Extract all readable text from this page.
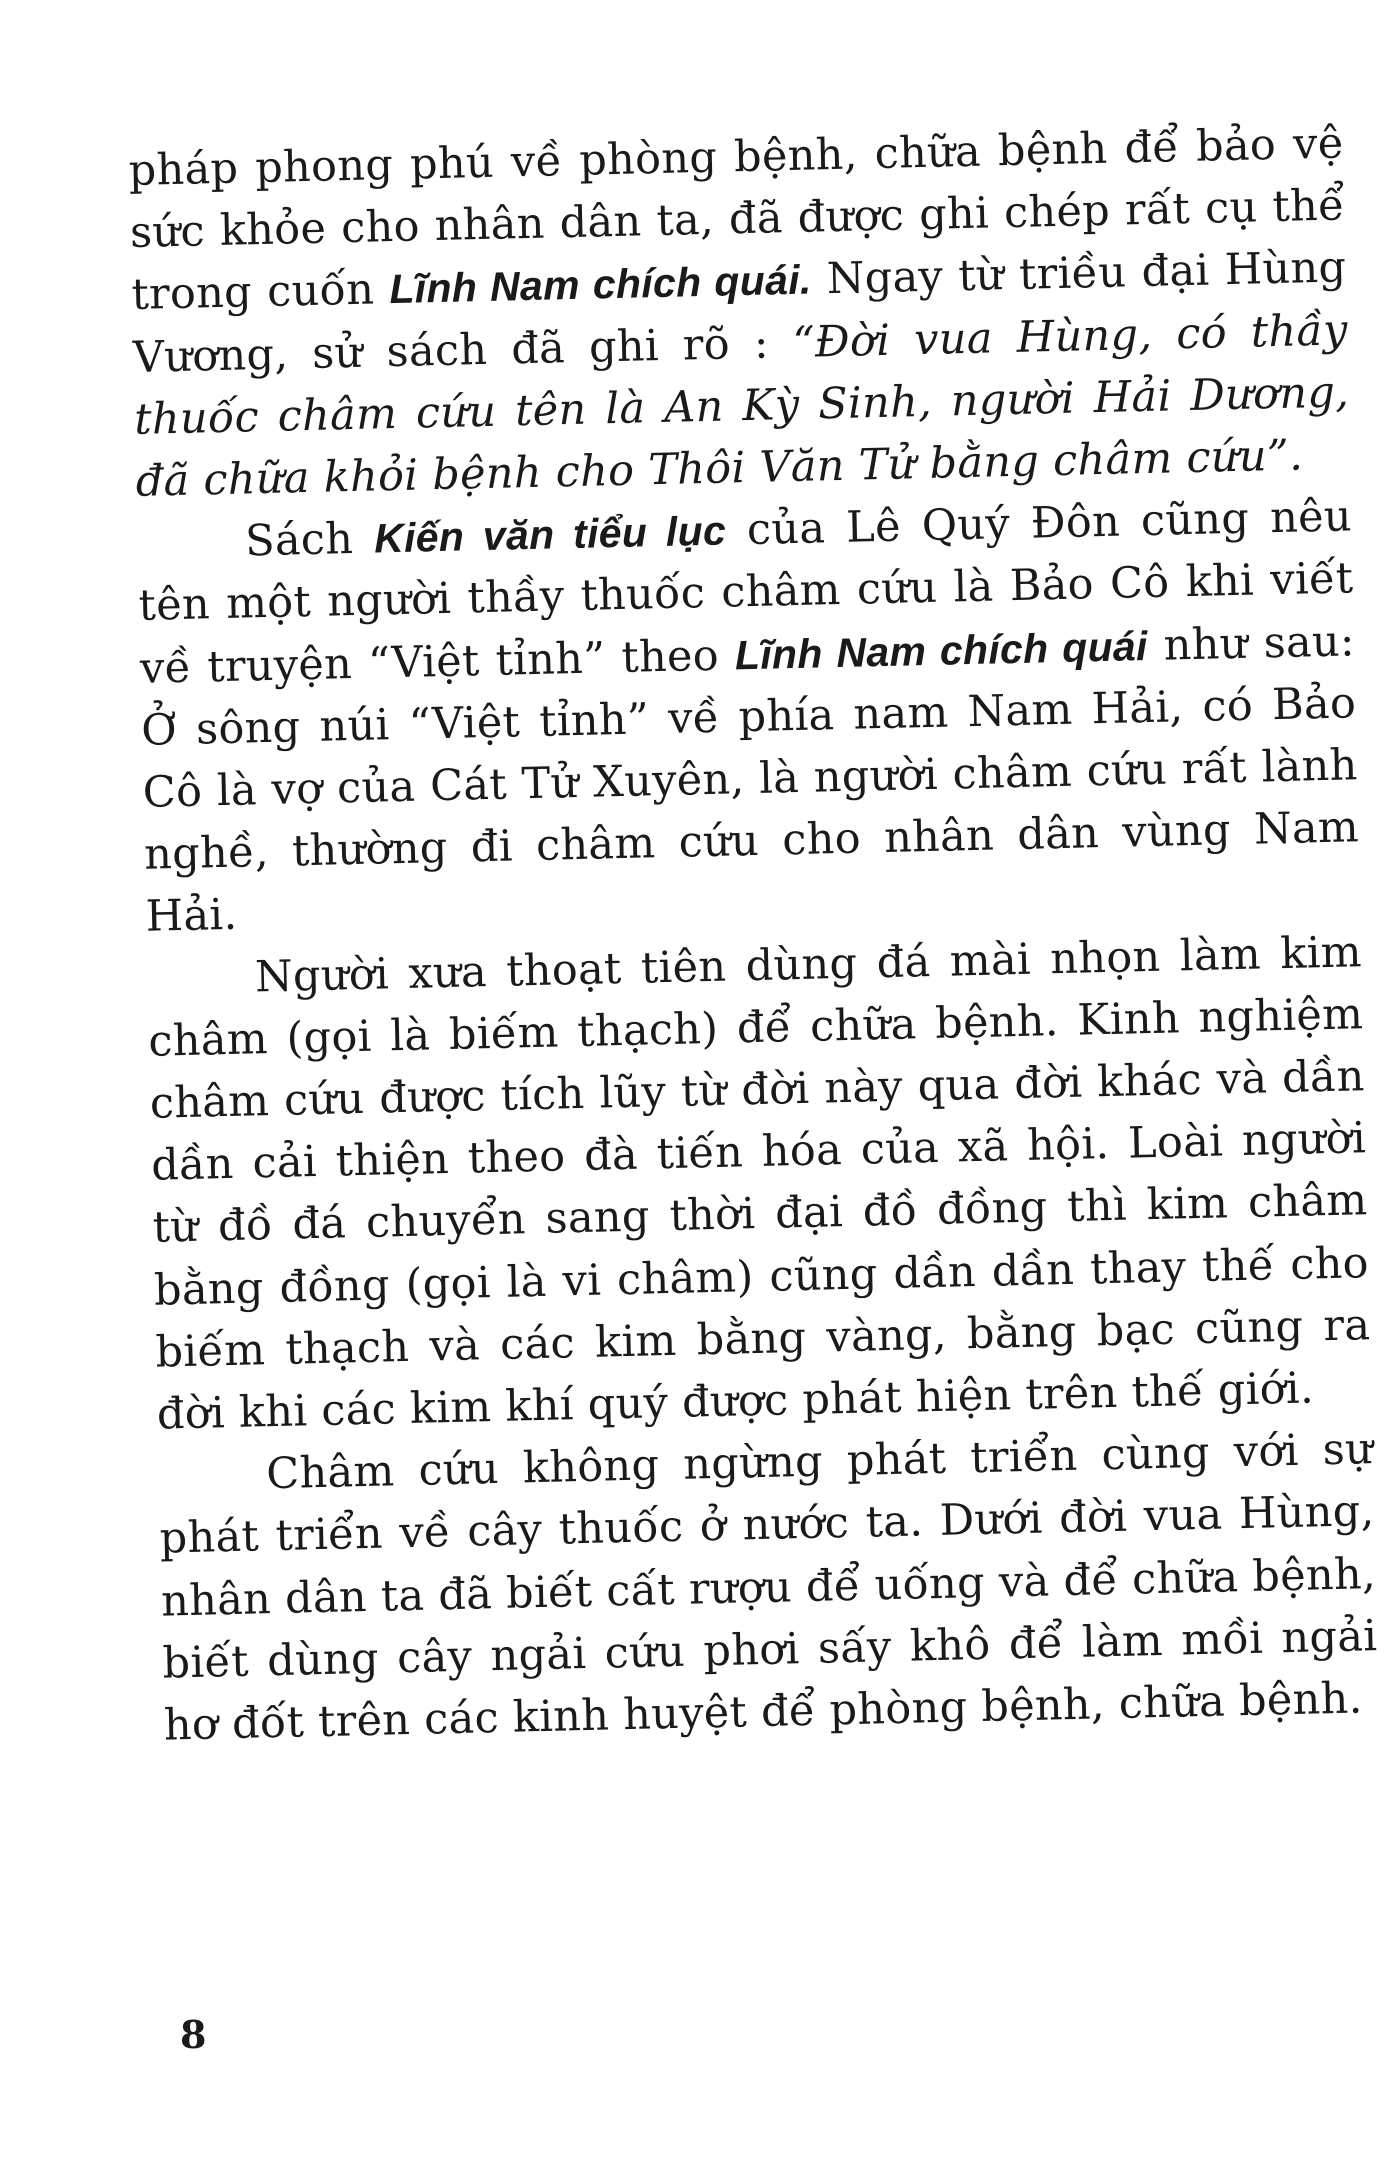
pháp phong phú về phòng bệnh, chữa bệnh để bảo vệ sức khỏe cho nhân dân ta, đã được ghi chép rất cụ thể trong cuốn Lĩnh Nam chích quái. Ngay từ triều đại Hùng Vương, sử sách đã ghi rõ : “Đời vua Hùng, có thầy thuốc châm cứu tên là An Kỳ Sinh, người Hải Dương, đã chữa khỏi bệnh cho Thôi Văn Tử bằng châm cứu”.

Sách Kiến văn tiểu lục của Lê Quý Đôn cũng nêu tên một người thầy thuốc châm cứu là Bảo Cô khi viết về truyện “Việt tỉnh” theo Lĩnh Nam chích quái như sau: Ở sông núi “Việt tỉnh” về phía nam Nam Hải, có Bảo Cô là vợ của Cát Tử Xuyên, là người châm cứu rất lành nghề, thường đi châm cứu cho nhân dân vùng Nam Hải.

Người xưa thoạt tiên dùng đá mài nhọn làm kim châm (gọi là biếm thạch) để chữa bệnh. Kinh nghiệm châm cứu được tích lũy từ đời này qua đời khác và dần dần cải thiện theo đà tiến hóa của xã hội. Loài người từ đồ đá chuyển sang thời đại đồ đồng thì kim châm bằng đồng (gọi là vi châm) cũng dần dần thay thế cho biếm thạch và các kim bằng vàng, bằng bạc cũng ra đời khi các kim khí quý được phát hiện trên thế giới.

Châm cứu không ngừng phát triển cùng với sự phát triển về cây thuốc ở nước ta. Dưới đời vua Hùng, nhân dân ta đã biết cất rượu để uống và để chữa bệnh, biết dùng cây ngải cứu phơi sấy khô để làm mồi ngải hơ đốt trên các kinh huyệt để phòng bệnh, chữa bệnh.

8
